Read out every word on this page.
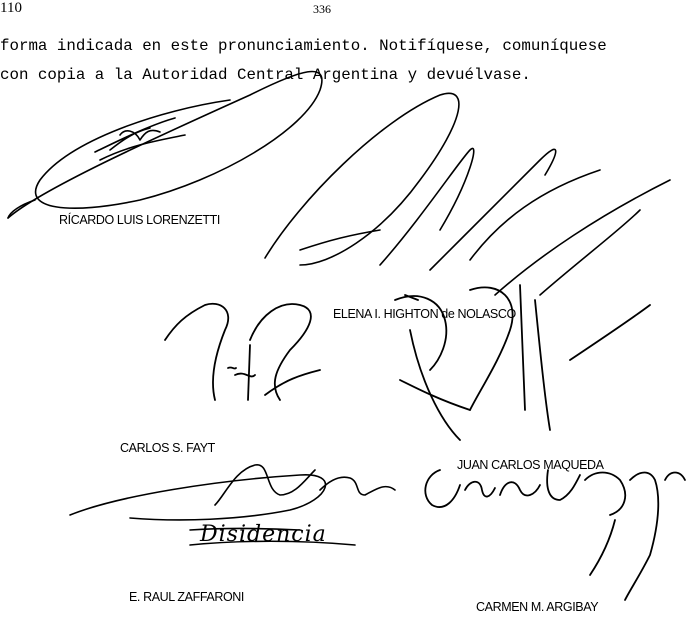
110	336
forma indicada en este pronunciamiento. Notifíquese, comuníquese
con copia a la Autoridad Central Argentina y devuélvase.
RÍCARDO LUIS LORENZETTI
ELENA I. HIGHTON de NOLASCO
CARLOS S. FAYT
JUAN CARLOS MAQUEDA
E. RAUL ZAFFARONI
CARMEN M. ARGIBAY
Disidencia
